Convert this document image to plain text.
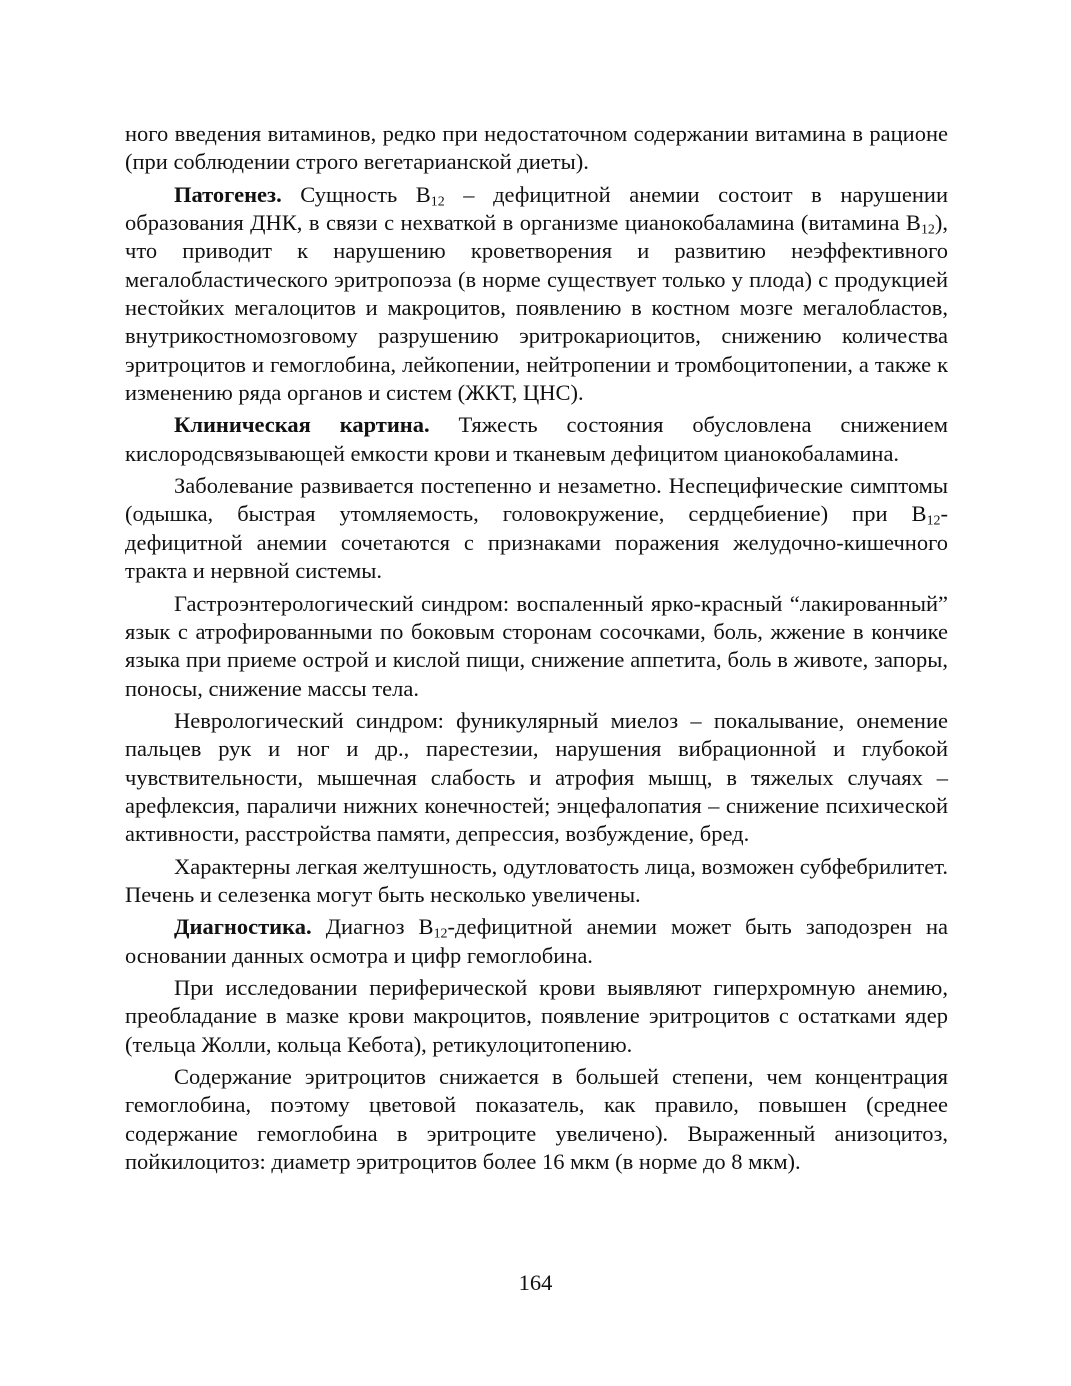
ного введения витаминов, редко при недостаточном содержании витамина в рационе (при соблюдении строго вегетарианской диеты).

Патогенез. Сущность $B_{12}$ – дефицитной анемии состоит в нарушении образования ДНК, в связи с нехваткой в организме цианокобаламина (витамина $B_{12}$), что приводит к нарушению кроветворения и развитию неэффективного мегалобластического эритропоэза (в норме существует только у плода) с продукцией нестойких мегалоцитов и макроцитов, появлению в костном мозге мегалобластов, внутрикостномозговому разрушению эритрокариоцитов, снижению количества эритроцитов и гемоглобина, лейкопении, нейтропении и тромбоцитопении, а также к изменению ряда органов и систем (ЖКТ, ЦНС).

Клиническая картина. Тяжесть состояния обусловлена снижением кислородсвязывающей емкости крови и тканевым дефицитом цианокобаламина.

Заболевание развивается постепенно и незаметно. Неспецифические симптомы (одышка, быстрая утомляемость, головокружение, сердцебиение) при $B_{12}$-дефицитной анемии сочетаются с признаками поражения желудочно-кишечного тракта и нервной системы.

Гастроэнтерологический синдром: воспаленный ярко-красный “лакированный” язык с атрофированными по боковым сторонам сосочками, боль, жжение в кончике языка при приеме острой и кислой пищи, снижение аппетита, боль в животе, запоры, поносы, снижение массы тела.

Неврологический синдром: фуникулярный миелоз – покалывание, онемение пальцев рук и ног и др., парестезии, нарушения вибрационной и глубокой чувствительности, мышечная слабость и атрофия мышц, в тяжелых случаях – арефлексия, параличи нижних конечностей; энцефалопатия – снижение психической активности, расстройства памяти, депрессия, возбуждение, бред.

Характерны легкая желтушность, одутловатость лица, возможен субфебрилитет. Печень и селезенка могут быть несколько увеличены.

Диагностика. Диагноз $B_{12}$-дефицитной анемии может быть заподозрен на основании данных осмотра и цифр гемоглобина.

При исследовании периферической крови выявляют гиперхромную анемию, преобладание в мазке крови макроцитов, появление эритроцитов с остатками ядер (тельца Жолли, кольца Кебота), ретикулоцитопению.

Содержание эритроцитов снижается в большей степени, чем концентрация гемоглобина, поэтому цветовой показатель, как правило, повышен (среднее содержание гемоглобина в эритроците увеличено). Выраженный анизоцитоз, пойкилоцитоз: диаметр эритроцитов более 16 мкм (в норме до 8 мкм).

164
